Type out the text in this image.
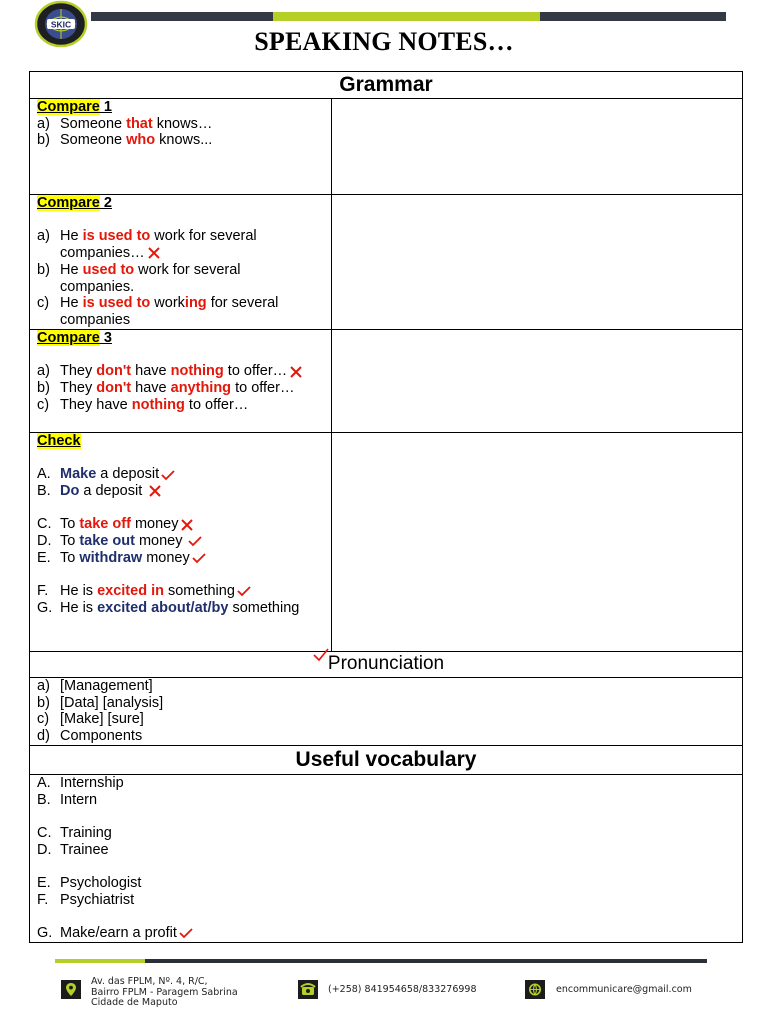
SKIC
SPEAKING NOTES…
Grammar
Compare 1
a) Someone that knows…
b) Someone who knows...
Compare 2
a) He is used to work for several companies…
b) He used to work for several companies.
c) He is used to working for several companies
Compare 3
a) They don't have nothing to offer…
b) They don't have anything to offer…
c) They have nothing to offer…
Check
A. Make a deposit
B. Do a deposit
C. To take off money
D. To take out money
E. To withdraw money
F. He is excited in something
G. He is excited about/at/by something
Pronunciation
a) [Management]
b) [Data] [analysis]
c) [Make] [sure]
d) Components
Useful vocabulary
A. Internship
B. Intern
C. Training
D. Trainee
E. Psychologist
F. Psychiatrist
G. Make/earn a profit
Av. das FPLM, Nº. 4, R/C,
Bairro FPLM - Paragem Sabrina
Cidade de Maputo
(+258) 841954658/833276998	encommunicare@gmail.com
